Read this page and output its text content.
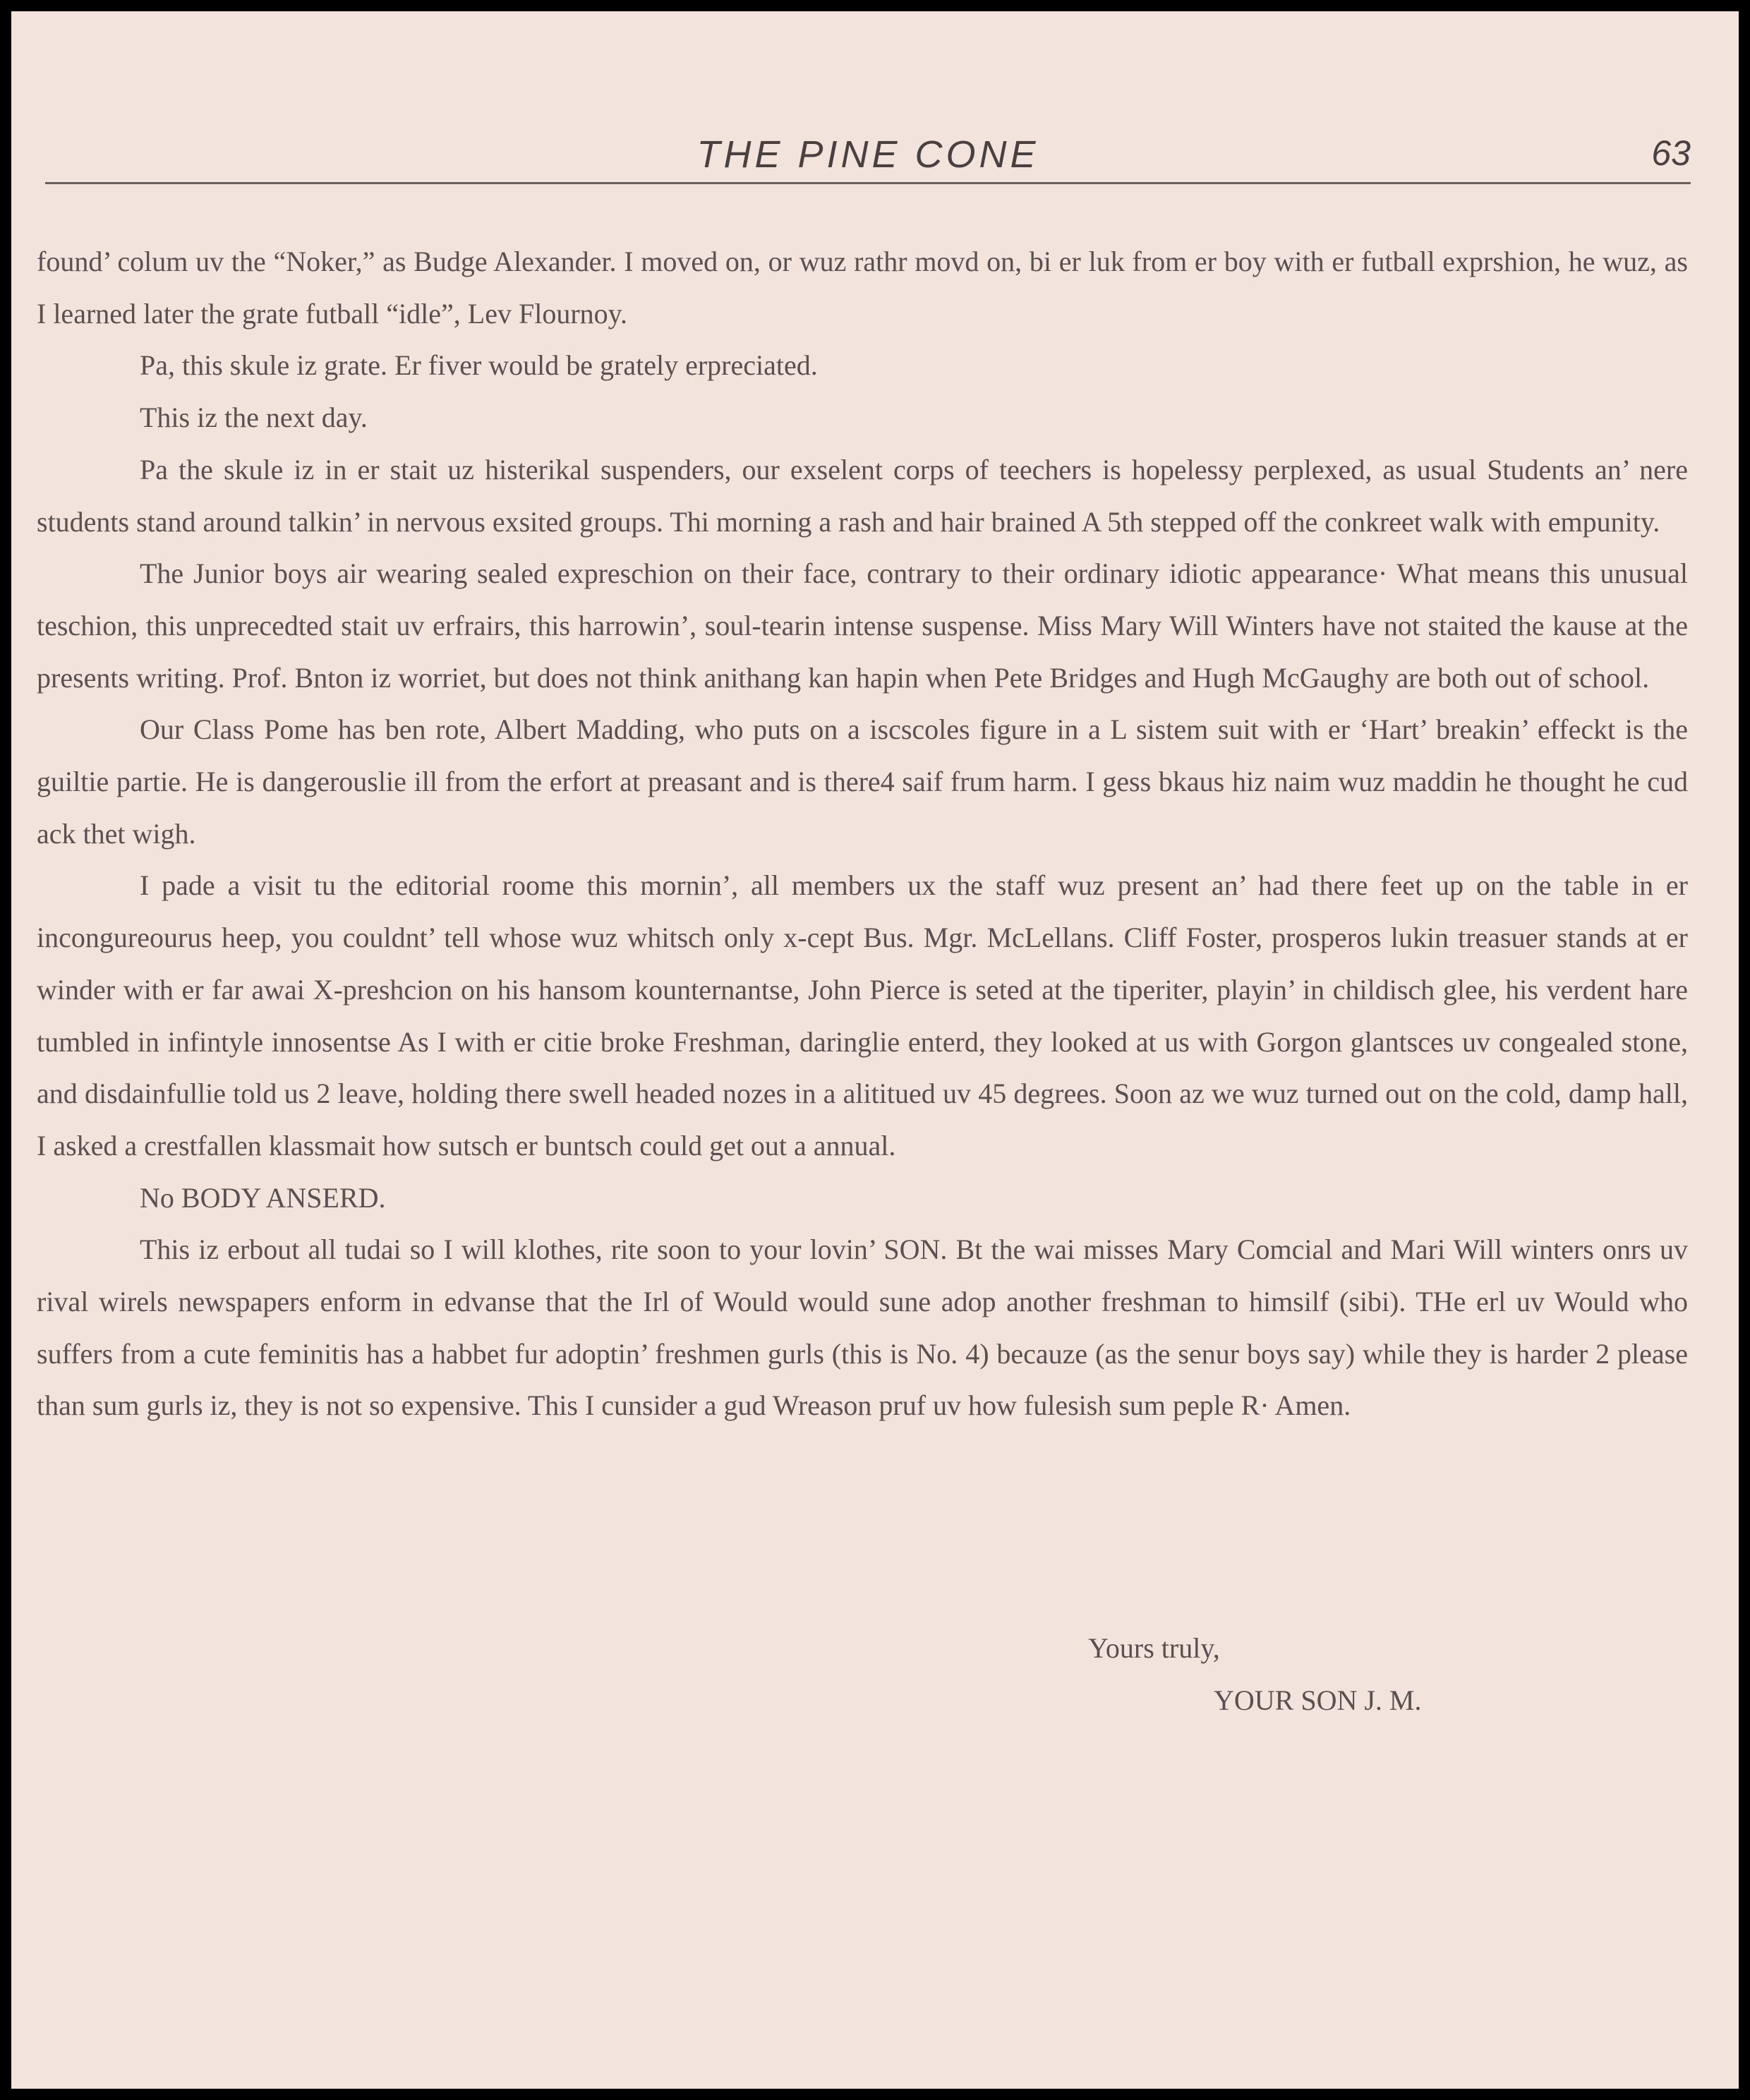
THE PINE CONE	63

found’ colum uv the “Noker,” as Budge Alexander. I moved on, or wuz rathr movd on, bi er luk from er boy with er futball exprshion, he wuz, as I learned later the grate futball “idle”, Lev Flournoy.

Pa, this skule iz grate. Er fiver would be grately erpreciated.

This iz the next day.

Pa the skule iz in er stait uz histerikal suspenders, our exselent corps of teechers is hopelessy perplexed, as usual Students an’ nere students stand around talkin’ in nervous exsited groups. Thi morning a rash and hair brained A 5th stepped off the conkreet walk with empunity.

The Junior boys air wearing sealed expreschion on their face, contrary to their ordinary idiotic appearance· What means this unusual teschion, this unprecedted stait uv erfrairs, this harrowin’, soul-tearin intense suspense. Miss Mary Will Winters have not staited the kause at the presents writing. Prof. Bnton iz worriet, but does not think anithang kan hapin when Pete Bridges and Hugh McGaughy are both out of school.

Our Class Pome has ben rote, Albert Madding, who puts on a iscscoles figure in a L sistem suit with er ‘Hart’ breakin’ effeckt is the guiltie partie. He is dangerouslie ill from the erfort at preasant and is there4 saif frum harm. I gess bkaus hiz naim wuz maddin he thought he cud ack thet wigh.

I pade a visit tu the editorial roome this mornin’, all members ux the staff wuz present an’ had there feet up on the table in er incongureourus heep, you couldnt’ tell whose wuz whitsch only x-cept Bus. Mgr. McLellans. Cliff Foster, prosperos lukin treasuer stands at er winder with er far awai X-preshcion on his hansom kounternantse, John Pierce is seted at the tiperiter, playin’ in childisch glee, his verdent hare tumbled in infintyle innosentse As I with er citie broke Freshman, daringlie enterd, they looked at us with Gorgon glantsces uv congealed stone, and disdainfullie told us 2 leave, holding there swell headed nozes in a alititued uv 45 degrees. Soon az we wuz turned out on the cold, damp hall, I asked a crestfallen klassmait how sutsch er buntsch could get out a annual.

No BODY ANSERD.

This iz erbout all tudai so I will klothes, rite soon to your lovin’ SON. Bt the wai misses Mary Comcial and Mari Will winters onrs uv rival wirels newspapers enform in edvanse that the Irl of Would would sune adop another freshman to himsilf (sibi). THe erl uv Would who suffers from a cute feminitis has a habbet fur adoptin’ freshmen gurls (this is No. 4) becauze (as the senur boys say) while they is harder 2 please than sum gurls iz, they is not so expensive. This I cunsider a gud Wreason pruf uv how fulesish sum peple R· Amen.

Yours truly,
YOUR SON J. M.
